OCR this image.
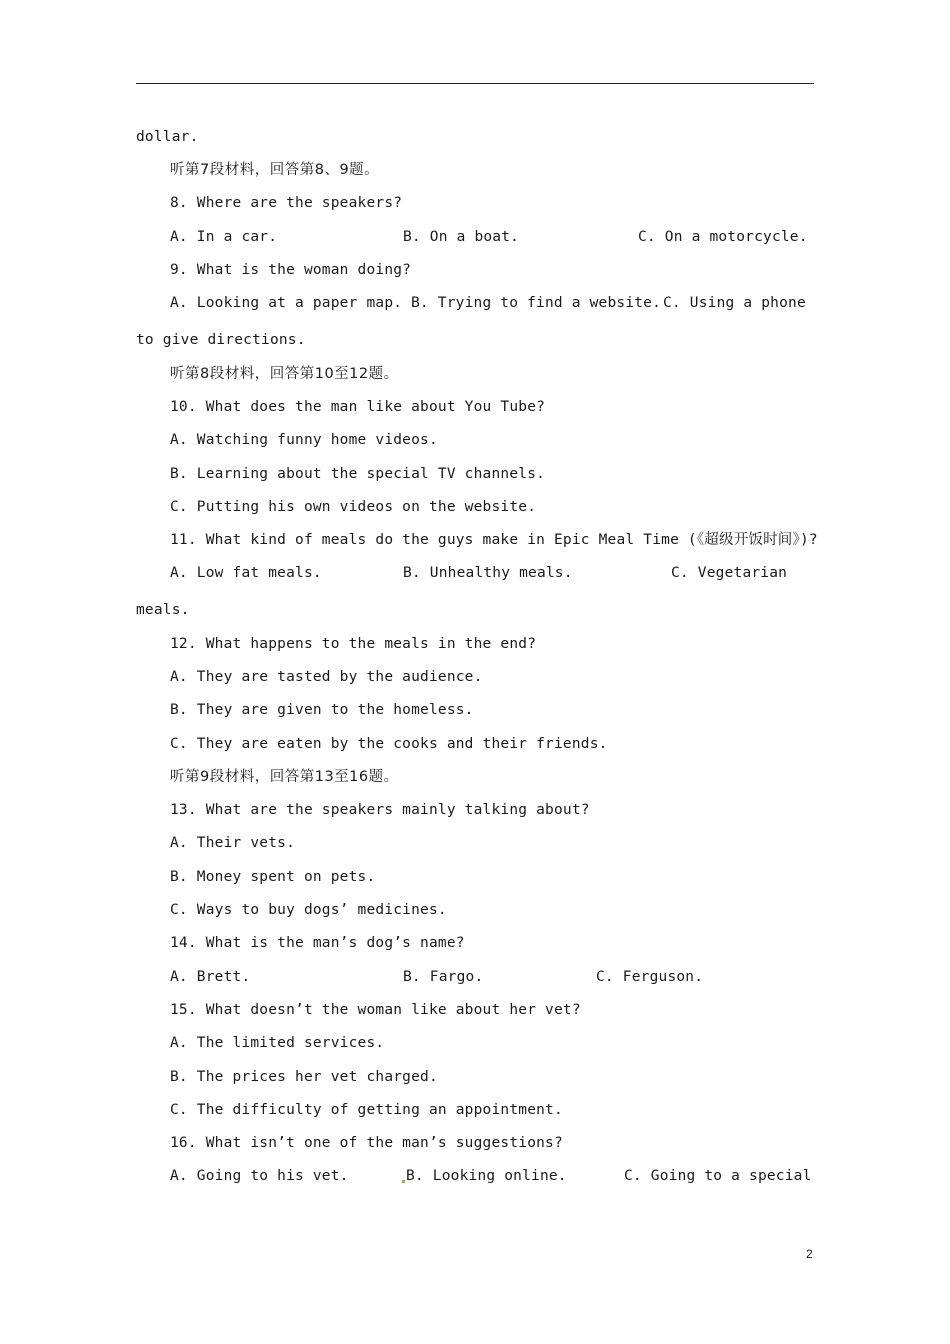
dollar.
听第7段材料，回答第8、9题。
8. Where are the speakers?
A. In a car.	B. On a boat.	C. On a motorcycle.
9. What is the woman doing?
A. Looking at a paper map. B. Trying to find a website. C. Using a phone
to give directions.
听第8段材料，回答第10至12题。
10. What does the man like about You Tube?
A. Watching funny home videos.
B. Learning about the special TV channels.
C. Putting his own videos on the website.
11. What kind of meals do the guys make in Epic Meal Time (《超级开饭时间》)?
A. Low fat meals.	B. Unhealthy meals.	C. Vegetarian
meals.
12. What happens to the meals in the end?
A. They are tasted by the audience.
B. They are given to the homeless.
C. They are eaten by the cooks and their friends.
听第9段材料，回答第13至16题。
13. What are the speakers mainly talking about?
A. Their vets.
B. Money spent on pets.
C. Ways to buy dogs’ medicines.
14. What is the man’s dog’s name?
A. Brett.	B. Fargo.	C. Ferguson.
15. What doesn’t the woman like about her vet?
A. The limited services.
B. The prices her vet charged.
C. The difficulty of getting an appointment.
16. What isn’t one of the man’s suggestions?
A. Going to his vet.	B. Looking online.	C. Going to a special
2
